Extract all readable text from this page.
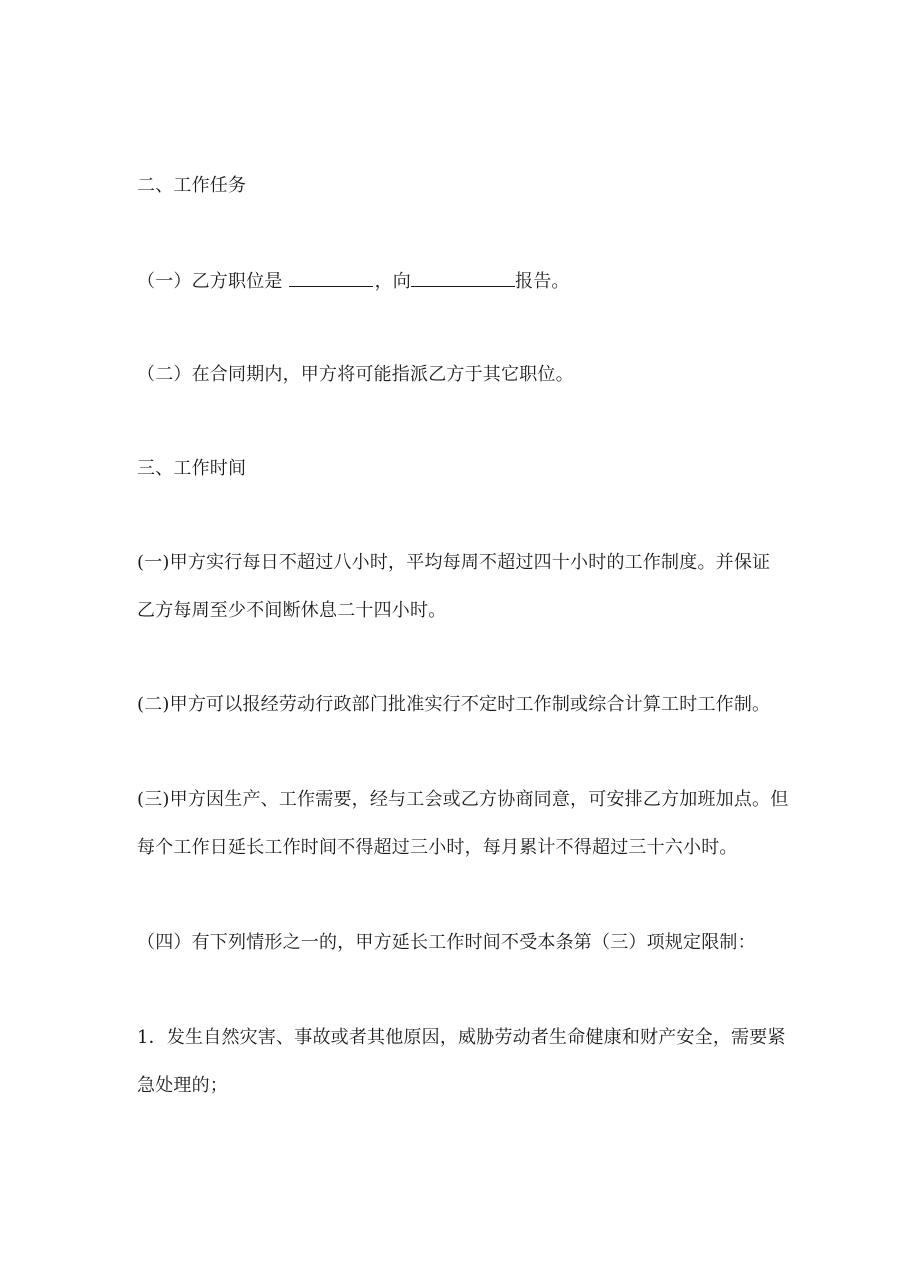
二、工作任务
（一）乙方职位是	，向	报告。
（二）在合同期内，甲方将可能指派乙方于其它职位。
三、工作时间
(一)甲方实行每日不超过八小时，平均每周不超过四十小时的工作制度。并保证
乙方每周至少不间断休息二十四小时。
(二)甲方可以报经劳动行政部门批准实行不定时工作制或综合计算工时工作制。
(三)甲方因生产、工作需要，经与工会或乙方协商同意，可安排乙方加班加点。但
每个工作日延长工作时间不得超过三小时，每月累计不得超过三十六小时。
（四）有下列情形之一的，甲方延长工作时间不受本条第（三）项规定限制：
1．发生自然灾害、事故或者其他原因，威胁劳动者生命健康和财产安全，需要紧
急处理的；
